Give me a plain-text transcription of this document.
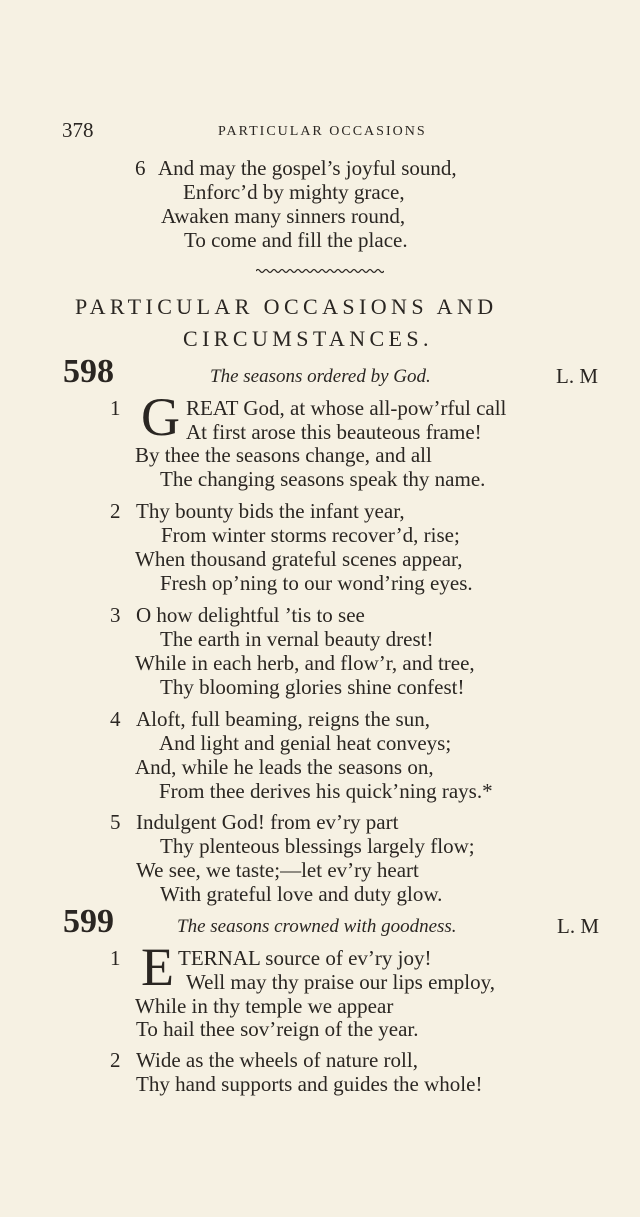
378	PARTICULAR OCCASIONS
6 And may the gospel’s joyful sound,
Enforc’d by mighty grace,
Awaken many sinners round,
To come and fill the place.
PARTICULAR OCCASIONS AND
CIRCUMSTANCES.
598	The seasons ordered by God.	L. M
1 G REAT God, at whose all-pow’rful call
At first arose this beauteous frame!
By thee the seasons change, and all
The changing seasons speak thy name.
2 Thy bounty bids the infant year,
From winter storms recover’d, rise;
When thousand grateful scenes appear,
Fresh op’ning to our wond’ring eyes.
3 O how delightful ’tis to see
The earth in vernal beauty drest!
While in each herb, and flow’r, and tree,
Thy blooming glories shine confest!
4 Aloft, full beaming, reigns the sun,
And light and genial heat conveys;
And, while he leads the seasons on,
From thee derives his quick’ning rays.*
5 Indulgent God! from ev’ry part
Thy plenteous blessings largely flow;
We see, we taste;—let ev’ry heart
With grateful love and duty glow.
599	The seasons crowned with goodness.	L. M
1 E TERNAL source of ev’ry joy!
Well may thy praise our lips employ,
While in thy temple we appear
To hail thee sov’reign of the year.
2 Wide as the wheels of nature roll,
Thy hand supports and guides the whole!
